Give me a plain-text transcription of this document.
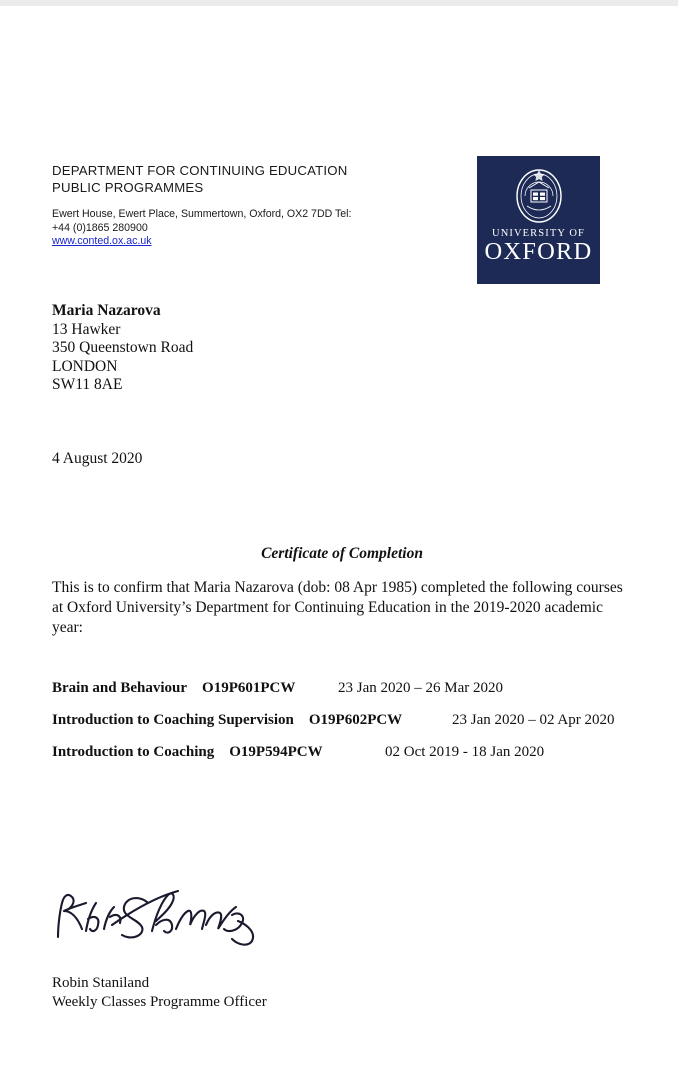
DEPARTMENT FOR CONTINUING EDUCATION
PUBLIC PROGRAMMES
Ewert House, Ewert Place, Summertown, Oxford, OX2 7DD Tel:
+44 (0)1865 280900
www.conted.ox.ac.uk
Maria Nazarova
13 Hawker
350 Queenstown Road
LONDON
SW11 8AE
4 August 2020
Certificate of Completion
This is to confirm that Maria Nazarova (dob: 08 Apr 1985) completed the following courses at Oxford University’s Department for Continuing Education in the 2019-2020 academic year:
Brain and Behaviour O19P601PCW	23 Jan 2020 – 26 Mar 2020
Introduction to Coaching Supervision O19P602PCW	23 Jan 2020 – 02 Apr 2020
Introduction to Coaching O19P594PCW	02 Oct 2019 - 18 Jan 2020
UNIVERSITY OF
OXFORD
Robin Staniland
Weekly Classes Programme Officer
